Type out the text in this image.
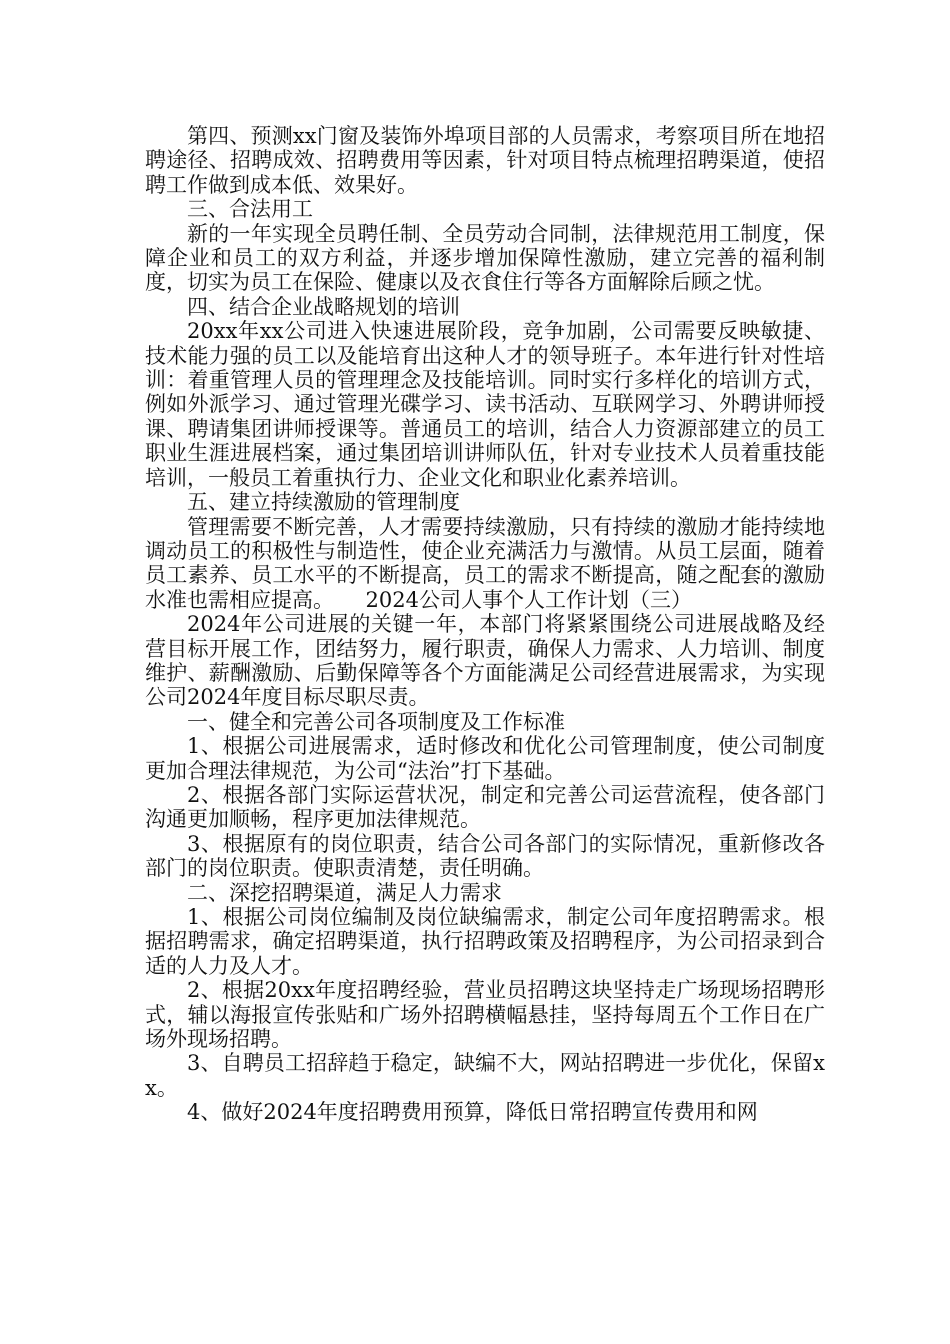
第四、预测xx门窗及装饰外埠项目部的人员需求，考察项目所在地招聘途径、招聘成效、招聘费用等因素，针对项目特点梳理招聘渠道，使招聘工作做到成本低、效果好。

三、合法用工

新的一年实现全员聘任制、全员劳动合同制，法律规范用工制度，保障企业和员工的双方利益，并逐步增加保障性激励，建立完善的福利制度，切实为员工在保险、健康以及衣食住行等各方面解除后顾之忧。

四、结合企业战略规划的培训

20xx年xx公司进入快速进展阶段，竞争加剧，公司需要反映敏捷、技术能力强的员工以及能培育出这种人才的领导班子。本年进行针对性培训：着重管理人员的管理理念及技能培训。同时实行多样化的培训方式，例如外派学习、通过管理光碟学习、读书活动、互联网学习、外聘讲师授课、聘请集团讲师授课等。普通员工的培训，结合人力资源部建立的员工职业生涯进展档案，通过集团培训讲师队伍，针对专业技术人员着重技能培训，一般员工着重执行力、企业文化和职业化素养培训。

五、建立持续激励的管理制度

管理需要不断完善，人才需要持续激励，只有持续的激励才能持续地调动员工的积极性与制造性，使企业充满活力与激情。从员工层面，随着员工素养、员工水平的不断提高，员工的需求不断提高，随之配套的激励水准也需相应提高。　　2024公司人事个人工作计划（三）

2024年公司进展的关键一年，本部门将紧紧围绕公司进展战略及经营目标开展工作，团结努力，履行职责，确保人力需求、人力培训、制度维护、薪酬激励、后勤保障等各个方面能满足公司经营进展需求，为实现公司2024年度目标尽职尽责。

一、健全和完善公司各项制度及工作标准

1、根据公司进展需求，适时修改和优化公司管理制度，使公司制度更加合理法律规范，为公司“法治”打下基础。

2、根据各部门实际运营状况，制定和完善公司运营流程，使各部门沟通更加顺畅，程序更加法律规范。

3、根据原有的岗位职责，结合公司各部门的实际情况，重新修改各部门的岗位职责。使职责清楚，责任明确。

二、深挖招聘渠道，满足人力需求

1、根据公司岗位编制及岗位缺编需求，制定公司年度招聘需求。根据招聘需求，确定招聘渠道，执行招聘政策及招聘程序，为公司招录到合适的人力及人才。

2、根据20xx年度招聘经验，营业员招聘这块坚持走广场现场招聘形式，辅以海报宣传张贴和广场外招聘横幅悬挂，坚持每周五个工作日在广场外现场招聘。

3、自聘员工招辞趋于稳定，缺编不大，网站招聘进一步优化，保留xx。

4、做好2024年度招聘费用预算，降低日常招聘宣传费用和网
